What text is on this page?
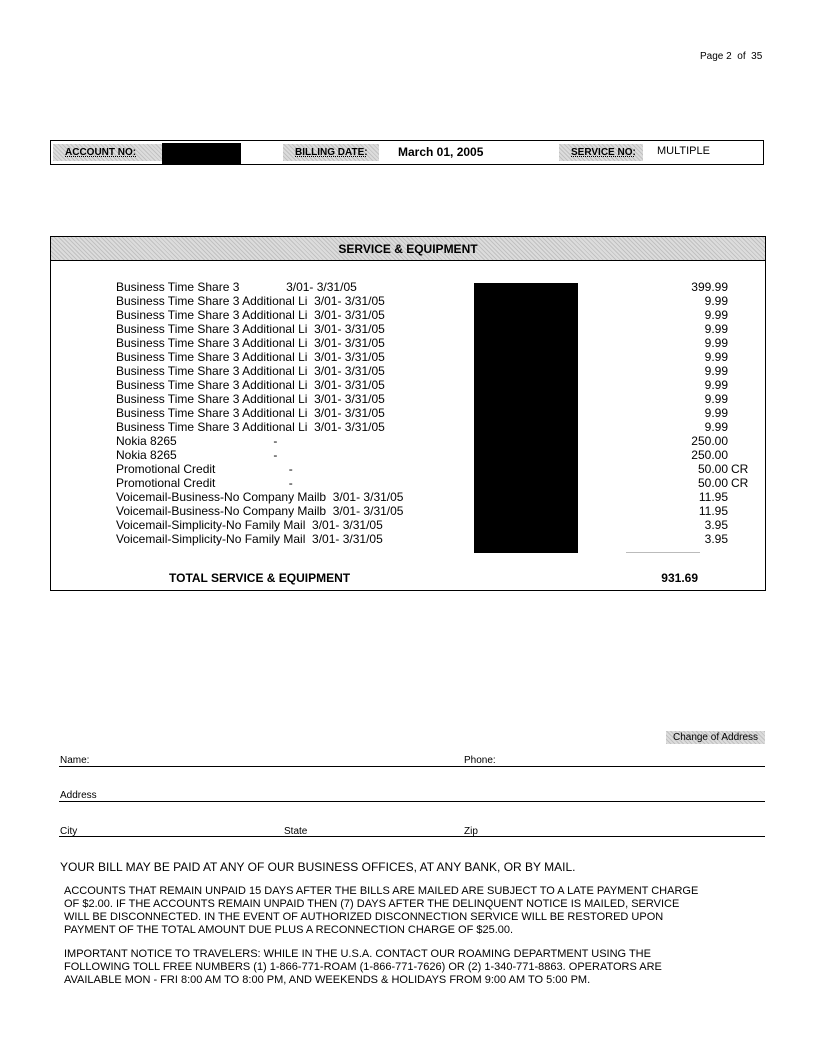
Page 2  of  35
ACCOUNT NO:	BILLING DATE:	March 01, 2005	SERVICE NO:	MULTIPLE
SERVICE & EQUIPMENT
Business Time Share 3              3/01- 3/31/05	399.99
Business Time Share 3 Additional Li  3/01- 3/31/05	9.99
Business Time Share 3 Additional Li  3/01- 3/31/05	9.99
Business Time Share 3 Additional Li  3/01- 3/31/05	9.99
Business Time Share 3 Additional Li  3/01- 3/31/05	9.99
Business Time Share 3 Additional Li  3/01- 3/31/05	9.99
Business Time Share 3 Additional Li  3/01- 3/31/05	9.99
Business Time Share 3 Additional Li  3/01- 3/31/05	9.99
Business Time Share 3 Additional Li  3/01- 3/31/05	9.99
Business Time Share 3 Additional Li  3/01- 3/31/05	9.99
Business Time Share 3 Additional Li  3/01- 3/31/05	9.99
Nokia 8265                             -	250.00
Nokia 8265                             -	250.00
Promotional Credit                      -	50.00 CR
Promotional Credit                      -	50.00 CR
Voicemail-Business-No Company Mailb  3/01- 3/31/05	11.95
Voicemail-Business-No Company Mailb  3/01- 3/31/05	11.95
Voicemail-Simplicity-No Family Mail  3/01- 3/31/05	3.95
Voicemail-Simplicity-No Family Mail  3/01- 3/31/05	3.95
TOTAL SERVICE & EQUIPMENT	931.69
Change of Address
Name:	Phone:
Address
City	State	Zip
YOUR BILL MAY BE PAID AT ANY OF OUR BUSINESS OFFICES, AT ANY BANK, OR BY MAIL.
ACCOUNTS THAT REMAIN UNPAID 15 DAYS AFTER THE BILLS ARE MAILED ARE SUBJECT TO A LATE PAYMENT CHARGE
OF $2.00. IF THE ACCOUNTS REMAIN UNPAID THEN (7) DAYS AFTER THE DELINQUENT NOTICE IS MAILED, SERVICE
WILL BE DISCONNECTED. IN THE EVENT OF AUTHORIZED DISCONNECTION SERVICE WILL BE RESTORED UPON
PAYMENT OF THE TOTAL AMOUNT DUE PLUS A RECONNECTION CHARGE OF $25.00.
IMPORTANT NOTICE TO TRAVELERS: WHILE IN THE U.S.A. CONTACT OUR ROAMING DEPARTMENT USING THE
FOLLOWING TOLL FREE NUMBERS (1) 1-866-771-ROAM (1-866-771-7626) OR (2) 1-340-771-8863. OPERATORS ARE
AVAILABLE MON - FRI 8:00 AM TO 8:00 PM, AND WEEKENDS & HOLIDAYS FROM 9:00 AM TO 5:00 PM.
